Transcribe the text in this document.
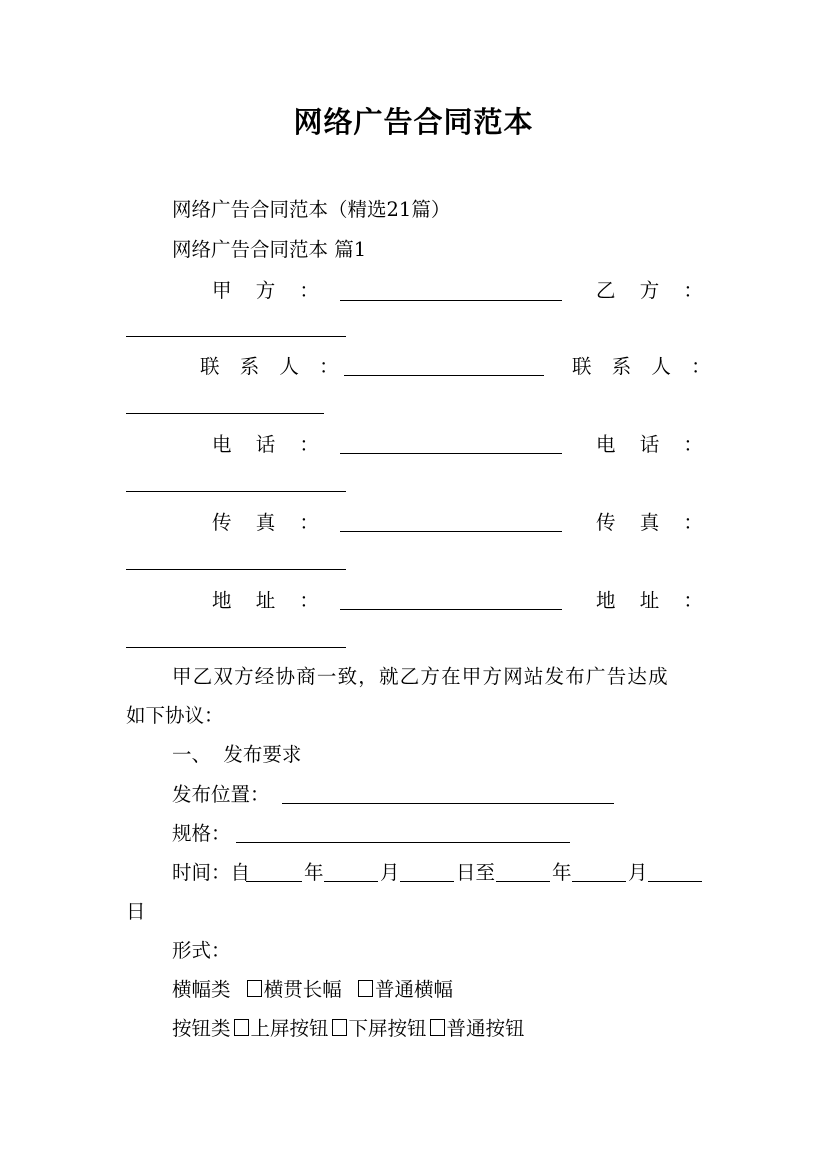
网络广告合同范本
网络广告合同范本（精选21篇）
网络广告合同范本 篇1
甲 方 ：	乙 方 ：
联 系 人 ：	联 系 人 ：
电 话 ：	电 话 ：
传 真 ：	传 真 ：
地 址 ：	地 址 ：
甲乙双方经协商一致，就乙方在甲方网站发布广告达成
如下协议：
一、  发布要求
发布位置：
规格：
时间：自	年	月	日至	年	月
日
形式：
横幅类 横贯长幅 普通横幅
按钮类 上屏按钮 下屏按钮 普通按钮
